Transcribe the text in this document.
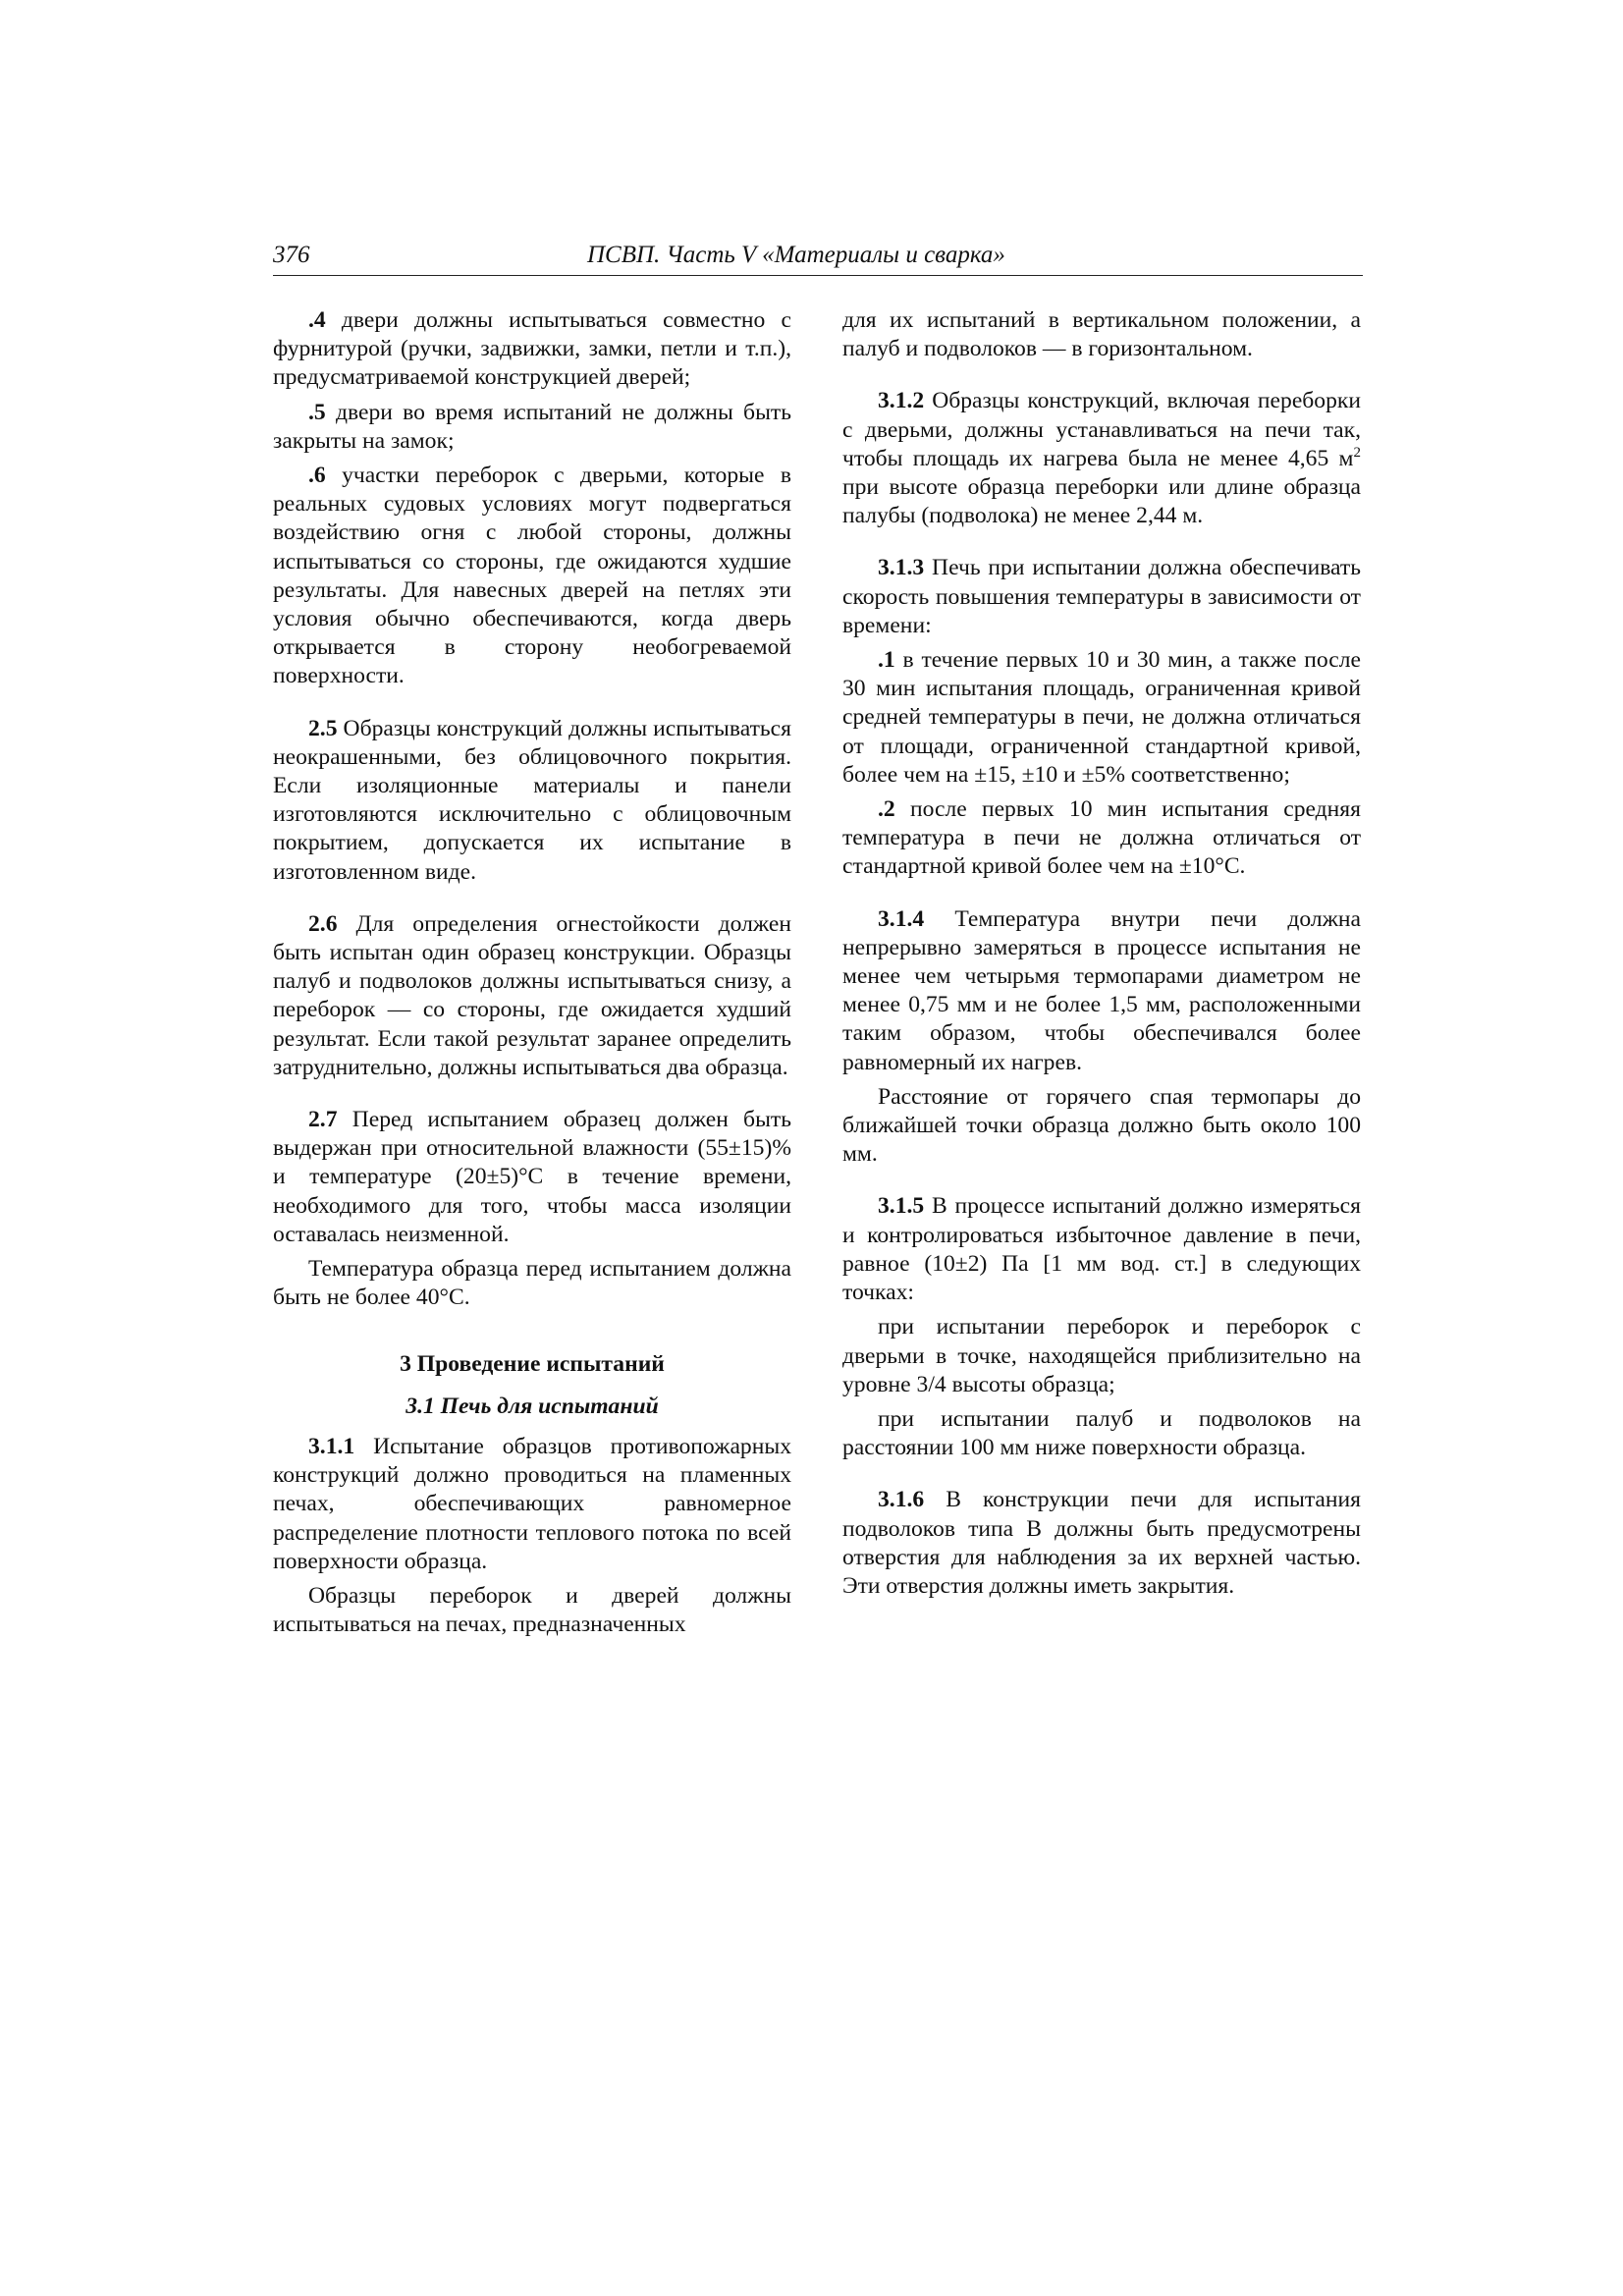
376	ПСВП. Часть V «Материалы и сварка»

.4 двери должны испытываться совместно с фурнитурой (ручки, задвижки, замки, петли и т.п.), предусматриваемой конструкцией дверей;

.5 двери во время испытаний не должны быть закрыты на замок;

.6 участки переборок с дверьми, которые в реальных судовых условиях могут подвергаться воздействию огня с любой стороны, должны испытываться со стороны, где ожидаются худшие результаты. Для навесных дверей на петлях эти условия обычно обеспечиваются, когда дверь открывается в сторону необогреваемой поверхности.

2.5 Образцы конструкций должны испытываться неокрашенными, без облицовочного покрытия. Если изоляционные материалы и панели изготовляются исключительно с облицовочным покрытием, допускается их испытание в изготовленном виде.

2.6 Для определения огнестойкости должен быть испытан один образец конструкции. Образцы палуб и подволоков должны испытываться снизу, а переборок — со стороны, где ожидается худший результат. Если такой результат заранее определить затруднительно, должны испытываться два образца.

2.7 Перед испытанием образец должен быть выдержан при относительной влажности (55±15)% и температуре (20±5)°С в течение времени, необходимого для того, чтобы масса изоляции оставалась неизменной.

Температура образца перед испытанием должна быть не более 40°С.

3 Проведение испытаний
3.1 Печь для испытаний

3.1.1 Испытание образцов противопожарных конструкций должно проводиться на пламенных печах, обеспечивающих равномерное распределение плотности теплового потока по всей поверхности образца.

Образцы переборок и дверей должны испытываться на печах, предназначенных

для их испытаний в вертикальном положении, а палуб и подволоков — в горизонтальном.

3.1.2 Образцы конструкций, включая переборки с дверьми, должны устанавливаться на печи так, чтобы площадь их нагрева была не менее 4,65 $м^2$ при высоте образца переборки или длине образца палубы (подволока) не менее 2,44 м.

3.1.3 Печь при испытании должна обеспечивать скорость повышения температуры в зависимости от времени:

.1 в течение первых 10 и 30 мин, а также после 30 мин испытания площадь, ограниченная кривой средней температуры в печи, не должна отличаться от площади, ограниченной стандартной кривой, более чем на ±15, ±10 и ±5% соответственно;

.2 после первых 10 мин испытания средняя температура в печи не должна отличаться от стандартной кривой более чем на ±10°С.

3.1.4 Температура внутри печи должна непрерывно замеряться в процессе испытания не менее чем четырьмя термопарами диаметром не менее 0,75 мм и не более 1,5 мм, расположенными таким образом, чтобы обеспечивался более равномерный их нагрев.

Расстояние от горячего спая термопары до ближайшей точки образца должно быть около 100 мм.

3.1.5 В процессе испытаний должно измеряться и контролироваться избыточное давление в печи, равное (10±2) Па [1 мм вод. ст.] в следующих точках:

при испытании переборок и переборок с дверьми в точке, находящейся приблизительно на уровне 3/4 высоты образца;

при испытании палуб и подволоков на расстоянии 100 мм ниже поверхности образца.

3.1.6 В конструкции печи для испытания подволоков типа В должны быть предусмотрены отверстия для наблюдения за их верхней частью. Эти отверстия должны иметь закрытия.
